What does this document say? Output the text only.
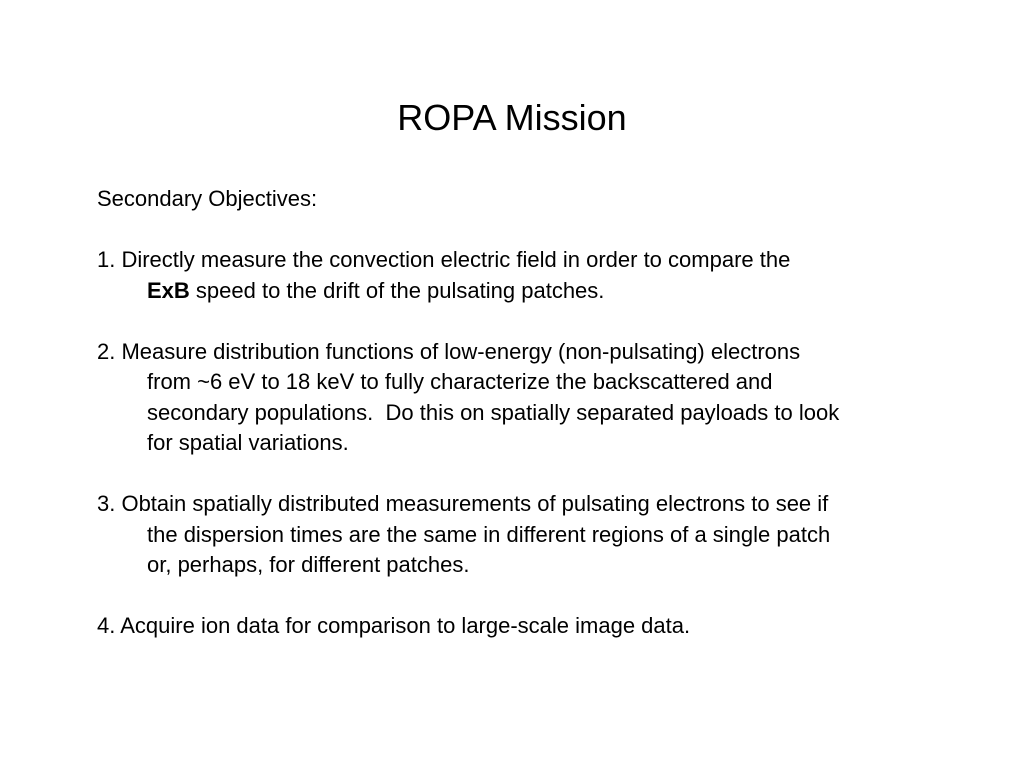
ROPA Mission
Secondary Objectives:
1. Directly measure the convection electric field in order to compare the
ExB speed to the drift of the pulsating patches.
2. Measure distribution functions of low-energy (non-pulsating) electrons
from ~6 eV to 18 keV to fully characterize the backscattered and
secondary populations.  Do this on spatially separated payloads to look
for spatial variations.
3. Obtain spatially distributed measurements of pulsating electrons to see if
the dispersion times are the same in different regions of a single patch
or, perhaps, for different patches.
4. Acquire ion data for comparison to large-scale image data.
